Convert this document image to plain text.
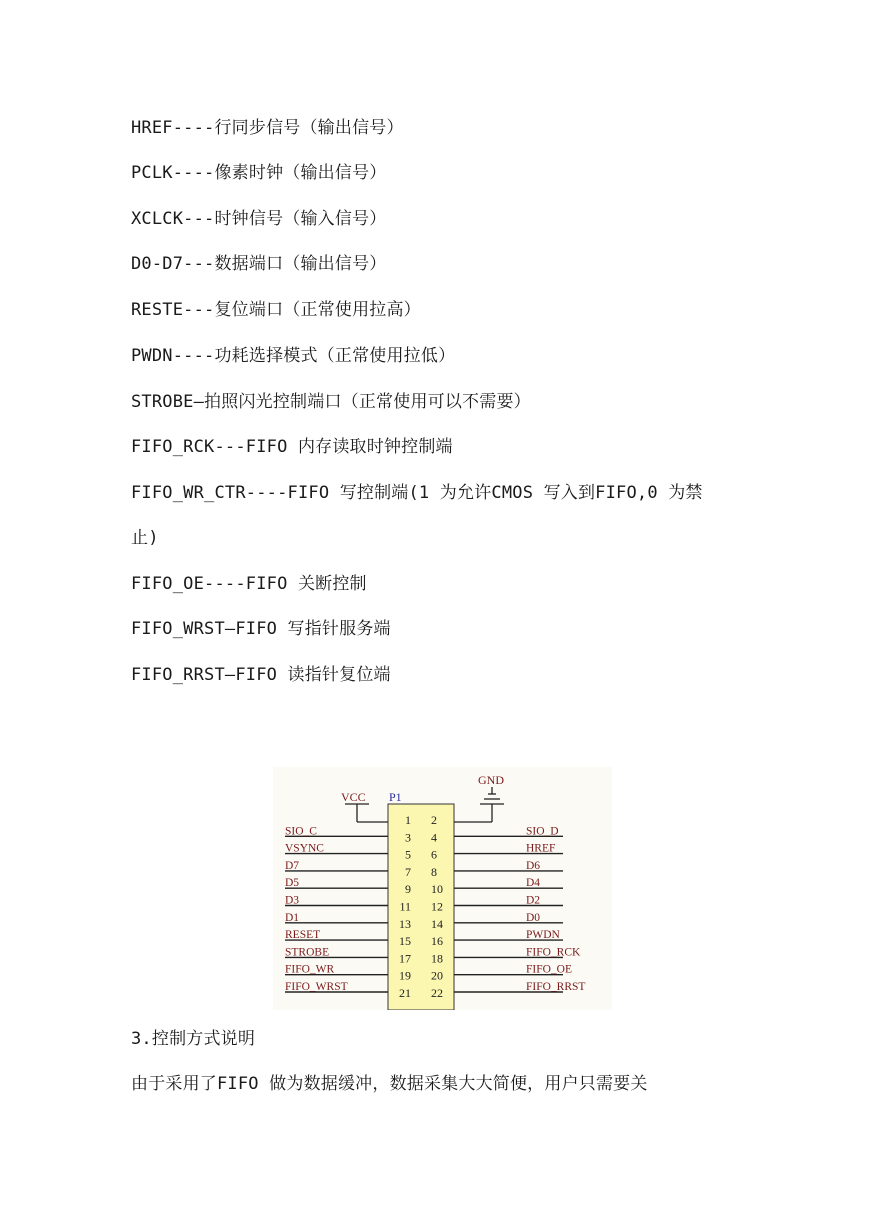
HREF----行同步信号（输出信号）
PCLK----像素时钟（输出信号）
XCLCK---时钟信号（输入信号）
D0-D7---数据端口（输出信号）
RESTE---复位端口（正常使用拉高）
PWDN----功耗选择模式（正常使用拉低）
STROBE—拍照闪光控制端口（正常使用可以不需要）
FIFO_RCK---FIFO 内存读取时钟控制端
FIFO_WR_CTR----FIFO 写控制端(1 为允许CMOS 写入到FIFO,0 为禁
止)
FIFO_OE----FIFO 关断控制
FIFO_WRST—FIFO 写指针服务端
FIFO_RRST—FIFO 读指针复位端
VCC
GND
P1
1
3
5
7
9
11
13
15
17
19
21
2
4
6
8
10
12
14
16
18
20
22
SIO_C
VSYNC
D7
D5
D3
D1
RESET
STROBE
FIFO_WR
FIFO_WRST
SIO_D
HREF
D6
D4
D2
D0
PWDN
FIFO_RCK
FIFO_OE
FIFO_RRST
3.控制方式说明
由于采用了FIFO 做为数据缓冲，数据采集大大简便，用户只需要关
